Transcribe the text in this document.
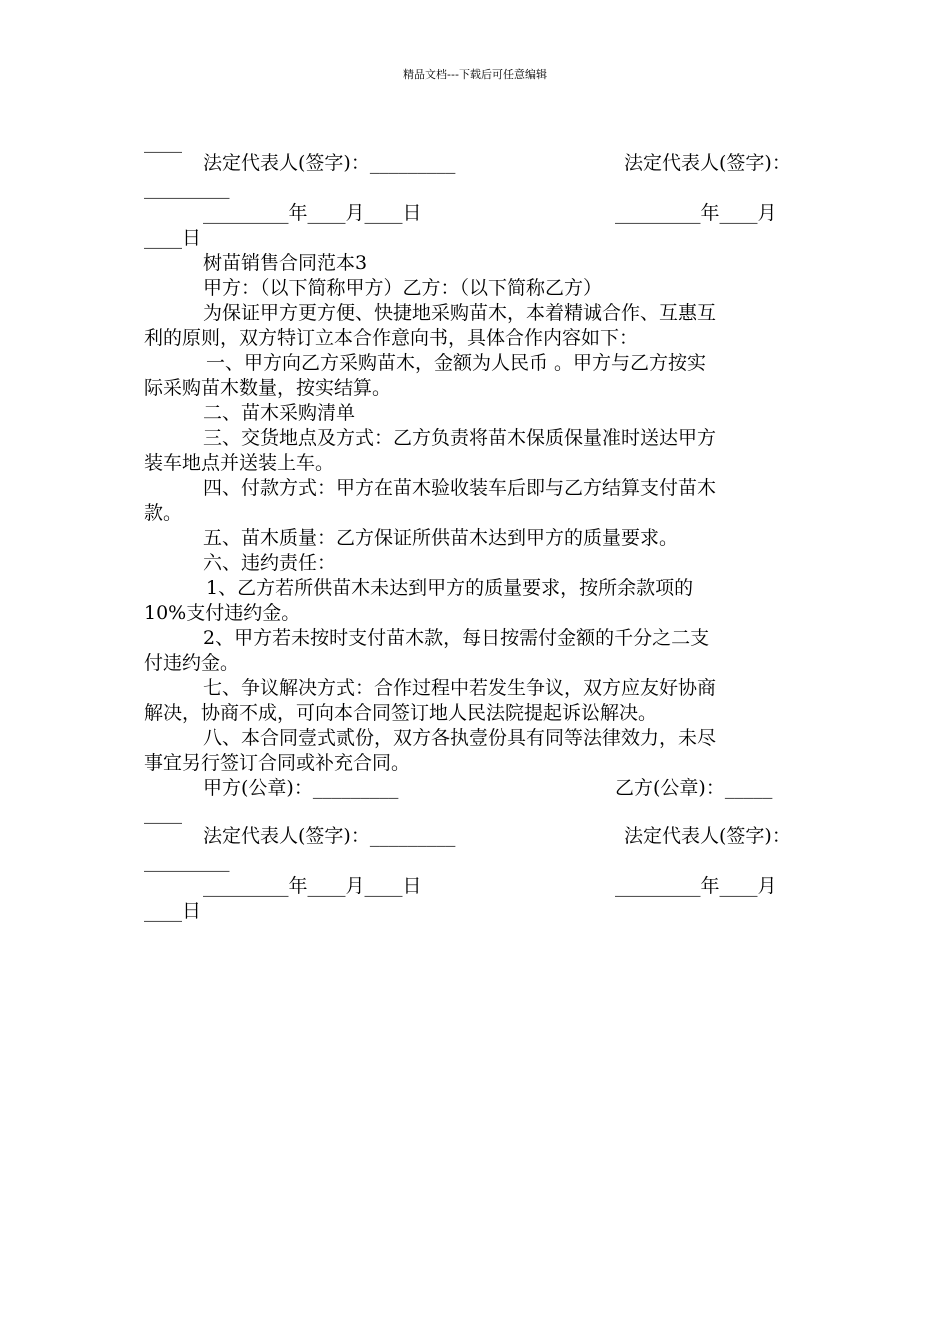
精品文档---下载后可任意编辑
____

法定代表人(签字)：_________

	法定代表人(签字)：

_________

_________年____月____日

	_________年____月

____日
树苗销售合同范本3
甲方：（以下简称甲方）乙方：（以下简称乙方）
为保证甲方更方便、快捷地采购苗木，本着精诚合作、互惠互
利的原则，双方特订立本合作意向书，具体合作内容如下：
一、甲方向乙方采购苗木，金额为人民币 。甲方与乙方按实
际采购苗木数量，按实结算。
二、苗木采购清单
三、交货地点及方式：乙方负责将苗木保质保量准时送达甲方
装车地点并送装上车。
四、付款方式：甲方在苗木验收装车后即与乙方结算支付苗木
款。
五、苗木质量：乙方保证所供苗木达到甲方的质量要求。
六、违约责任：
1、乙方若所供苗木未达到甲方的质量要求，按所余款项的
10%支付违约金。
2、甲方若未按时支付苗木款，每日按需付金额的千分之二支
付违约金。
七、争议解决方式：合作过程中若发生争议，双方应友好协商
解决，协商不成，可向本合同签订地人民法院提起诉讼解决。
八、本合同壹式贰份，双方各执壹份具有同等法律效力，未尽
事宜另行签订合同或补充合同。

甲方(公章)：_________

	乙方(公章)：_____

____

法定代表人(签字)：_________

	法定代表人(签字)：

_________

_________年____月____日

	_________年____月

____日
